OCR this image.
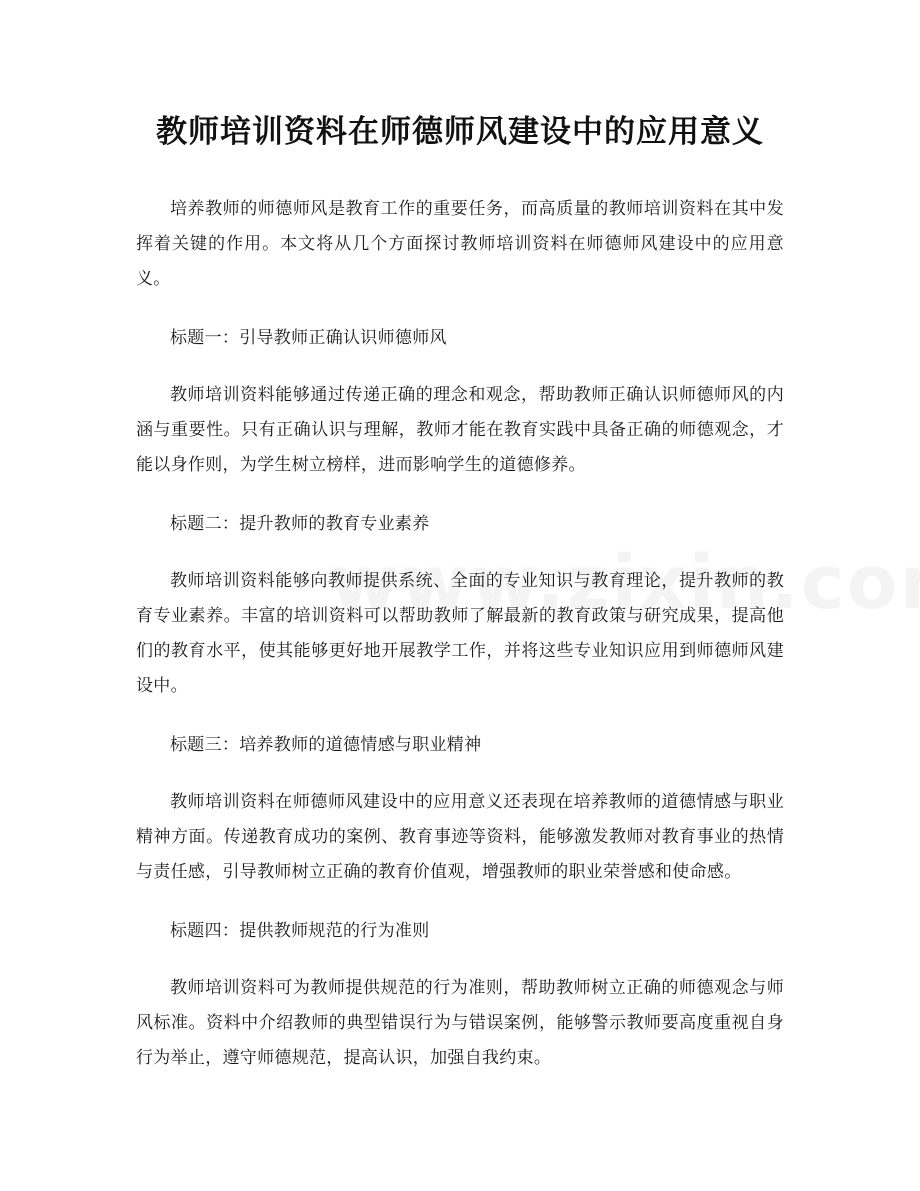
教师培训资料在师德师风建设中的应用意义

培养教师的师德师风是教育工作的重要任务，而高质量的教师培训资料在其中发挥着关键的作用。本文将从几个方面探讨教师培训资料在师德师风建设中的应用意义。

标题一：引导教师正确认识师德师风

教师培训资料能够通过传递正确的理念和观念，帮助教师正确认识师德师风的内涵与重要性。只有正确认识与理解，教师才能在教育实践中具备正确的师德观念，才能以身作则，为学生树立榜样，进而影响学生的道德修养。

标题二：提升教师的教育专业素养

教师培训资料能够向教师提供系统、全面的专业知识与教育理论，提升教师的教育专业素养。丰富的培训资料可以帮助教师了解最新的教育政策与研究成果，提高他们的教育水平，使其能够更好地开展教学工作，并将这些专业知识应用到师德师风建设中。

标题三：培养教师的道德情感与职业精神

教师培训资料在师德师风建设中的应用意义还表现在培养教师的道德情感与职业精神方面。传递教育成功的案例、教育事迹等资料，能够激发教师对教育事业的热情与责任感，引导教师树立正确的教育价值观，增强教师的职业荣誉感和使命感。

标题四：提供教师规范的行为准则

教师培训资料可为教师提供规范的行为准则，帮助教师树立正确的师德观念与师风标准。资料中介绍教师的典型错误行为与错误案例，能够警示教师要高度重视自身行为举止，遵守师德规范，提高认识，加强自我约束。
